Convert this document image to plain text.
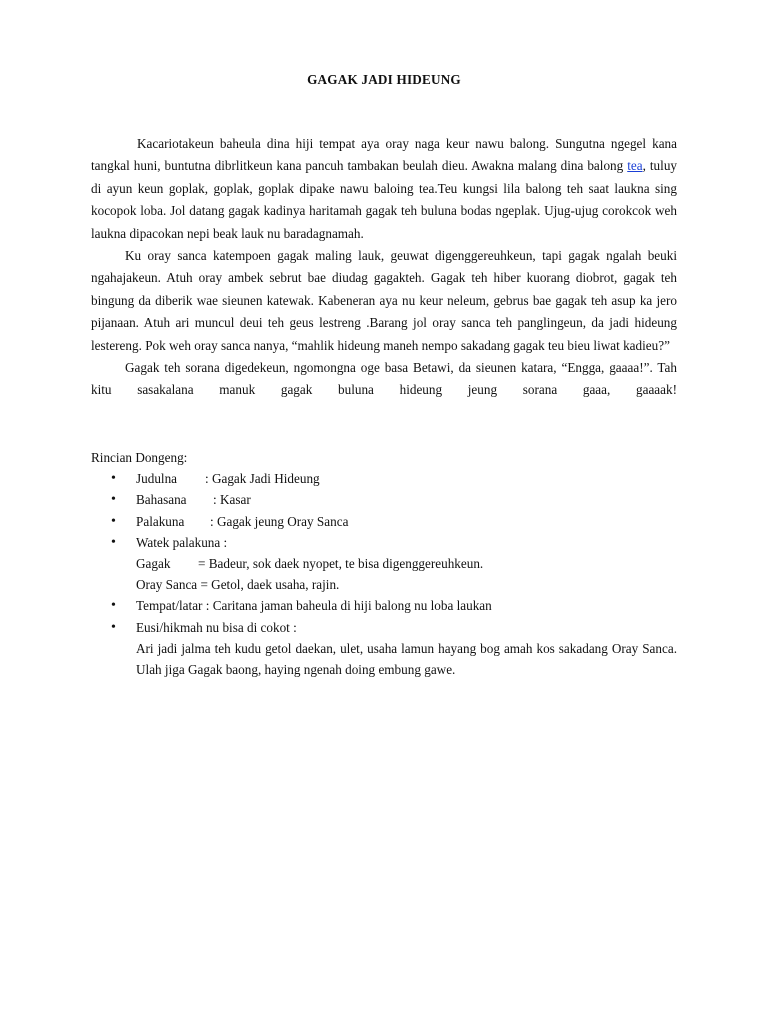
GAGAK JADI HIDEUNG

Kacariotakeun baheula dina hiji tempat aya oray naga keur nawu balong. Sungutna ngegel kana tangkal huni, buntutna dibrlitkeun kana pancuh tambakan beulah dieu. Awakna malang dina balong tea, tuluy di ayun keun goplak, goplak, goplak dipake nawu baloing tea.Teu kungsi lila balong teh saat laukna sing kocopok loba. Jol datang gagak kadinya haritamah gagak teh buluna bodas ngeplak. Ujug-ujug corokcok weh laukna dipacokan nepi beak lauk nu baradagnamah.

Ku oray sanca katempoen gagak maling lauk, geuwat digenggereuhkeun, tapi gagak ngalah beuki ngahajakeun. Atuh oray ambek sebrut bae diudag gagakteh. Gagak teh hiber kuorang diobrot, gagak teh bingung da diberik wae sieunen katewak. Kabeneran aya nu keur neleum, gebrus bae gagak teh asup ka jero pijanaan. Atuh ari muncul deui teh geus lestreng .Barang jol oray sanca teh panglingeun, da jadi hideung lestereng. Pok weh oray sanca nanya, “mahlik hideung maneh nempo sakadang gagak teu bieu liwat kadieu?”

Gagak teh sorana digedekeun, ngomongna oge basa Betawi, da sieunen katara, “Engga, gaaaa!”. Tah kitu sasakalana manuk gagak buluna hideung jeung sorana gaaa, gaaaak!

Rincian Dongeng:

• Judulna : Gagak Jadi Hideung
• Bahasana : Kasar
• Palakuna : Gagak jeung Oray Sanca

• Watek palakuna :

Gagak = Badeur, sok daek nyopet, te bisa digenggereuhkeun.

Oray Sanca = Getol, daek usaha, rajin.

• Tempat/latar : Caritana jaman baheula di hiji balong nu loba laukan

• Eusi/hikmah nu bisa di cokot :

Ari jadi jalma teh kudu getol daekan, ulet, usaha lamun hayang bog amah kos sakadang Oray Sanca. Ulah jiga Gagak baong, haying ngenah doing embung gawe.
